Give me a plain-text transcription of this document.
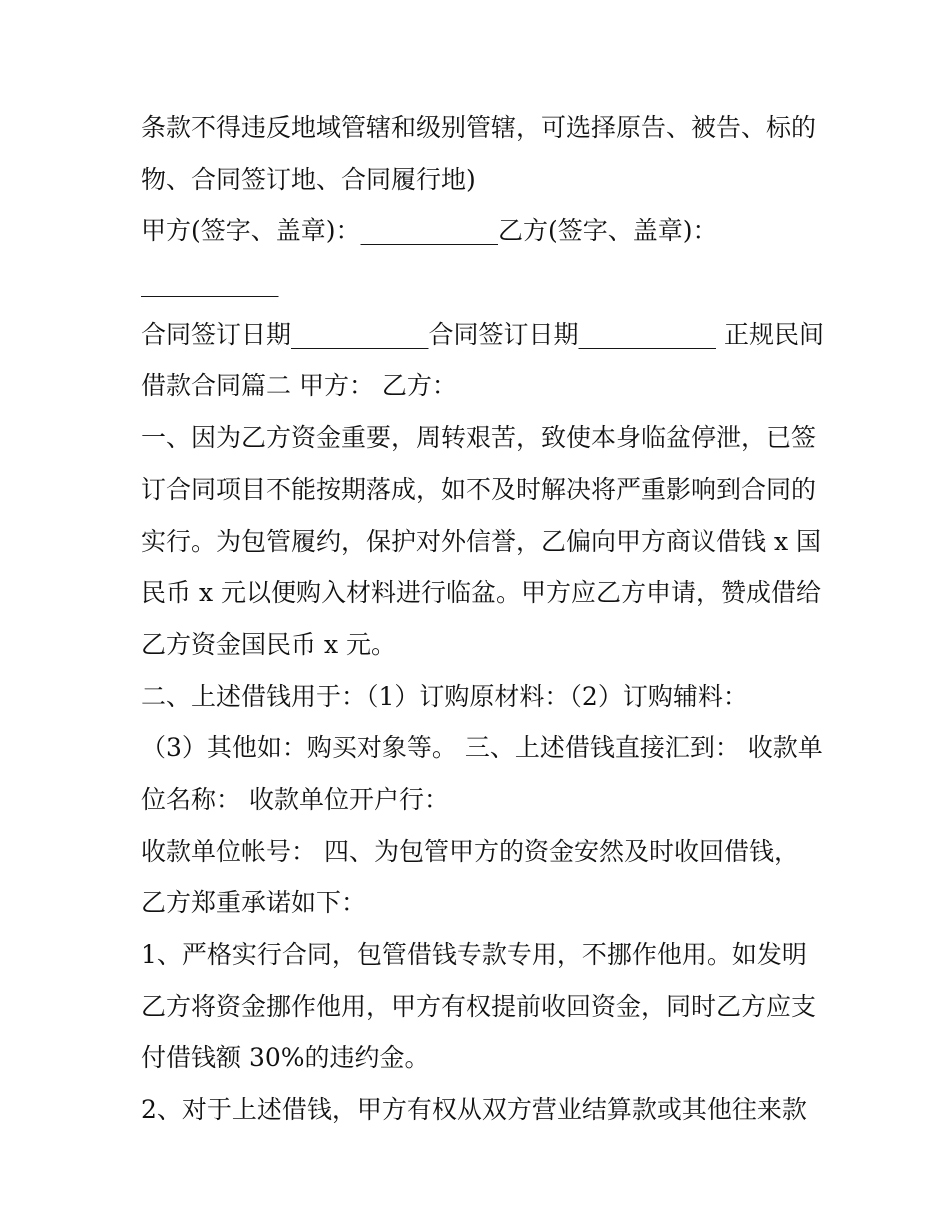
条款不得违反地域管辖和级别管辖，可选择原告、被告、标的
物、合同签订地、合同履行地)
甲方(签字、盖章)：___________乙方(签字、盖章)：
___________
合同签订日期___________合同签订日期___________ 正规民间
借款合同篇二 甲方： 乙方：
一、因为乙方资金重要，周转艰苦，致使本身临盆停泄，已签
订合同项目不能按期落成，如不及时解决将严重影响到合同的
实行。为包管履约，保护对外信誉，乙偏向甲方商议借钱 x 国
民币 x 元以便购入材料进行临盆。甲方应乙方申请，赞成借给
乙方资金国民币 x 元。
二、上述借钱用于：（1）订购原材料：（2）订购辅料：
（3）其他如：购买对象等。 三、上述借钱直接汇到： 收款单
位名称： 收款单位开户行：
收款单位帐号： 四、为包管甲方的资金安然及时收回借钱，
乙方郑重承诺如下：
1、严格实行合同，包管借钱专款专用，不挪作他用。如发明
乙方将资金挪作他用，甲方有权提前收回资金，同时乙方应支
付借钱额 30%的违约金。
2、对于上述借钱，甲方有权从双方营业结算款或其他往来款
